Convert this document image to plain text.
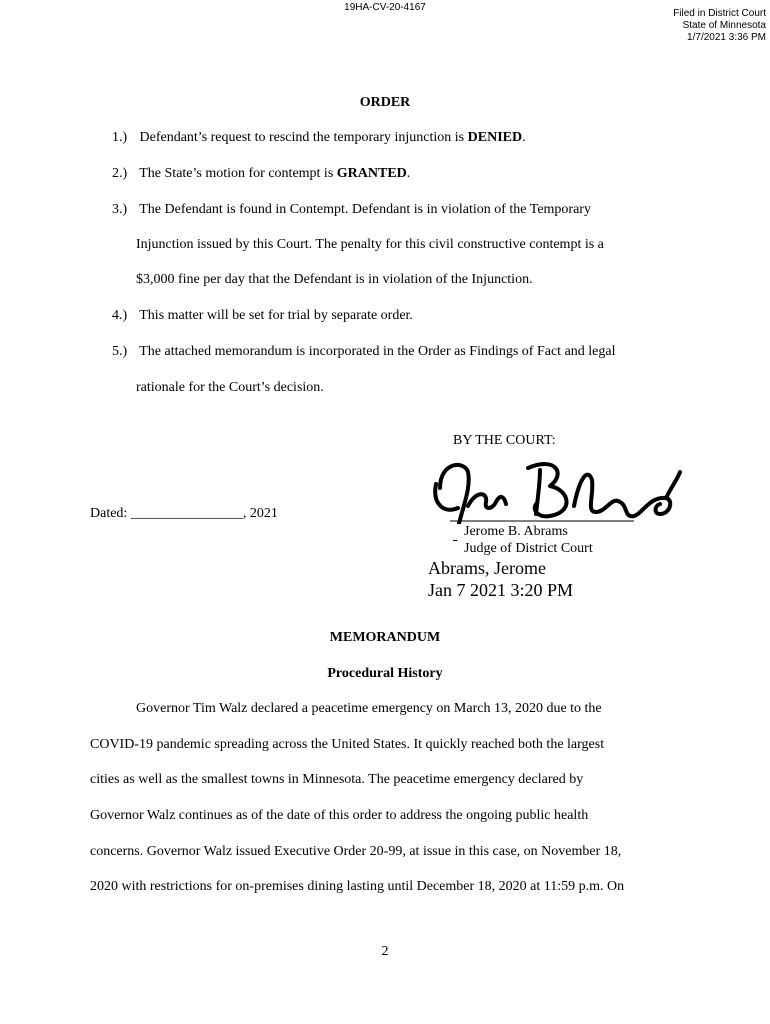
19HA-CV-20-4167
Filed in District Court
State of Minnesota
1/7/2021 3:36 PM
ORDER
1.) Defendant’s request to rescind the temporary injunction is DENIED.
2.) The State’s motion for contempt is GRANTED.
3.) The Defendant is found in Contempt. Defendant is in violation of the Temporary
Injunction issued by this Court. The penalty for this civil constructive contempt is a
$3,000 fine per day that the Defendant is in violation of the Injunction.
4.) This matter will be set for trial by separate order.
5.) The attached memorandum is incorporated in the Order as Findings of Fact and legal
rationale for the Court’s decision.
BY THE COURT:
Dated: ________________, 2021
Jerome B. Abrams
Judge of District Court
Abrams, Jerome
Jan 7 2021 3:20 PM
MEMORANDUM
Procedural History
Governor Tim Walz declared a peacetime emergency on March 13, 2020 due to the
COVID-19 pandemic spreading across the United States. It quickly reached both the largest
cities as well as the smallest towns in Minnesota. The peacetime emergency declared by
Governor Walz continues as of the date of this order to address the ongoing public health
concerns. Governor Walz issued Executive Order 20-99, at issue in this case, on November 18,
2020 with restrictions for on-premises dining lasting until December 18, 2020 at 11:59 p.m. On
2
